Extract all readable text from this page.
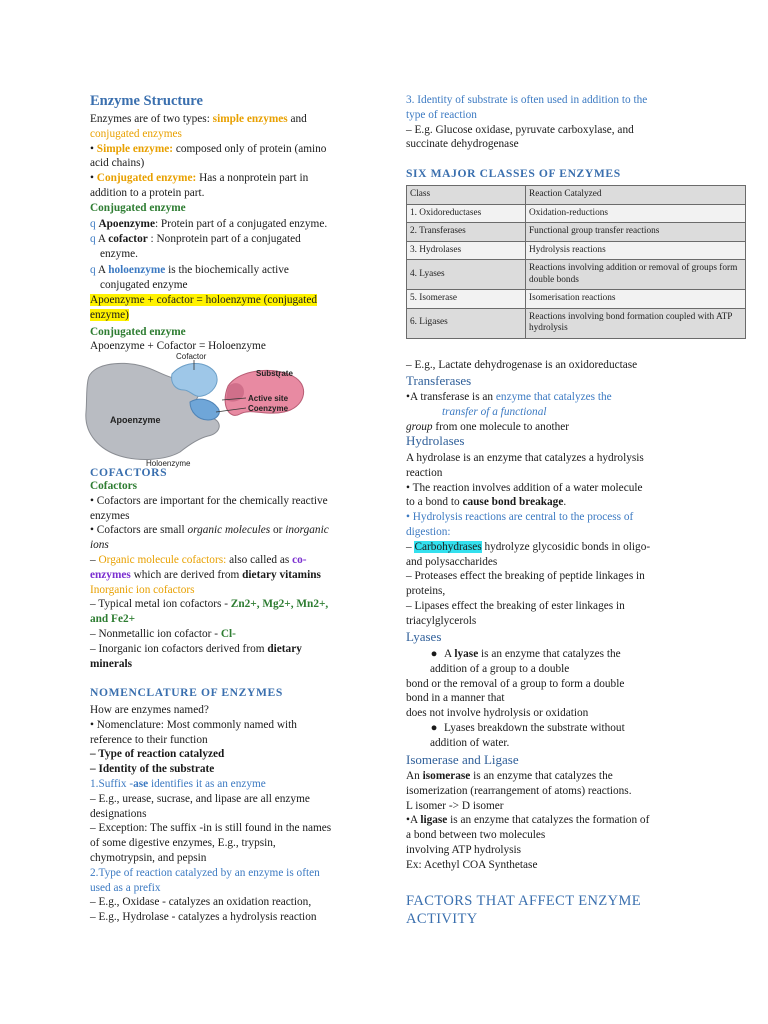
Enzyme Structure

Enzymes are of two types: simple enzymes and

conjugated enzymes

• Simple enzyme: composed only of protein (amino

acid chains)

• Conjugated enzyme: Has a nonprotein part in

addition to a protein part.

Conjugated enzyme

q Apoenzyme: Protein part of a conjugated enzyme.

q A cofactor : Nonprotein part of a conjugated

enzyme.

q A holoenzyme is the biochemically active

conjugated enzyme

Apoenzyme + cofactor = holoenzyme (conjugated

enzyme)

Conjugated enzyme

Apoenzyme + Cofactor = Holoenzyme

Cofactor
Substrate
Active site
Coenzyme
Apoenzyme
Holoenzyme
COFACTORS

Cofactors

• Cofactors are important for the chemically reactive

enzymes

• Cofactors are small organic molecules or inorganic

ions

– Organic molecule cofactors: also called as co-

enzymes which are derived from dietary vitamins

Inorganic ion cofactors

– Typical metal ion cofactors - Zn2+, Mg2+, Mn2+,

and Fe2+

– Nonmetallic ion cofactor - Cl-

– Inorganic ion cofactors derived from dietary

minerals

NOMENCLATURE OF ENZYMES

How are enzymes named?

• Nomenclature: Most commonly named with

reference to their function

– Type of reaction catalyzed

– Identity of the substrate

1.Suffix -ase identifies it as an enzyme

– E.g., urease, sucrase, and lipase are all enzyme

designations

– Exception: The suffix -in is still found in the names

of some digestive enzymes, E.g., trypsin,

chymotrypsin, and pepsin

2.Type of reaction catalyzed by an enzyme is often

used as a prefix

– E.g., Oxidase - catalyzes an oxidation reaction,

– E.g., Hydrolase - catalyzes a hydrolysis reaction

3. Identity of substrate is often used in addition to the

type of reaction

– E.g. Glucose oxidase, pyruvate carboxylase, and

succinate dehydrogenase

SIX MAJOR CLASSES OF ENZYMES
– E.g., Lactate dehydrogenase is an oxidoreductase
Class	Reaction Catalyzed
1. Oxidoreductases	Oxidation-reductions
2. Transferases	Functional group transfer reactions
3. Hydrolases	Hydrolysis reactions
4. Lyases	Reactions involving addition or removal of groups form double bonds
5. Isomerase	Isomerisation reactions
6. Ligases	Reactions involving bond formation coupled with ATP hydrolysis
Transferases

•A transferase is an enzyme that catalyzes the

transfer of a functional

group from one molecule to another

Hydrolases

A hydrolase is an enzyme that catalyzes a hydrolysis

reaction

• The reaction involves addition of a water molecule

to a bond to cause bond breakage.

• Hydrolysis reactions are central to the process of

digestion:

– Carbohydrases hydrolyze glycosidic bonds in oligo-

and polysaccharides

– Proteases effect the breaking of peptide linkages in

proteins,

– Lipases effect the breaking of ester linkages in

triacylglycerols

Lyases

● A lyase is an enzyme that catalyzes the

addition of a group to a double

bond or the removal of a group to form a double

bond in a manner that

does not involve hydrolysis or oxidation

● Lyases breakdown the substrate without

addition of water.

Isomerase and Ligase

An isomerase is an enzyme that catalyzes the

isomerization (rearrangement of atoms) reactions.

L isomer -> D isomer

•A ligase is an enzyme that catalyzes the formation of

a bond between two molecules

involving ATP hydrolysis

Ex: Acethyl COA Synthetase

FACTORS THAT AFFECT ENZYME

ACTIVITY
